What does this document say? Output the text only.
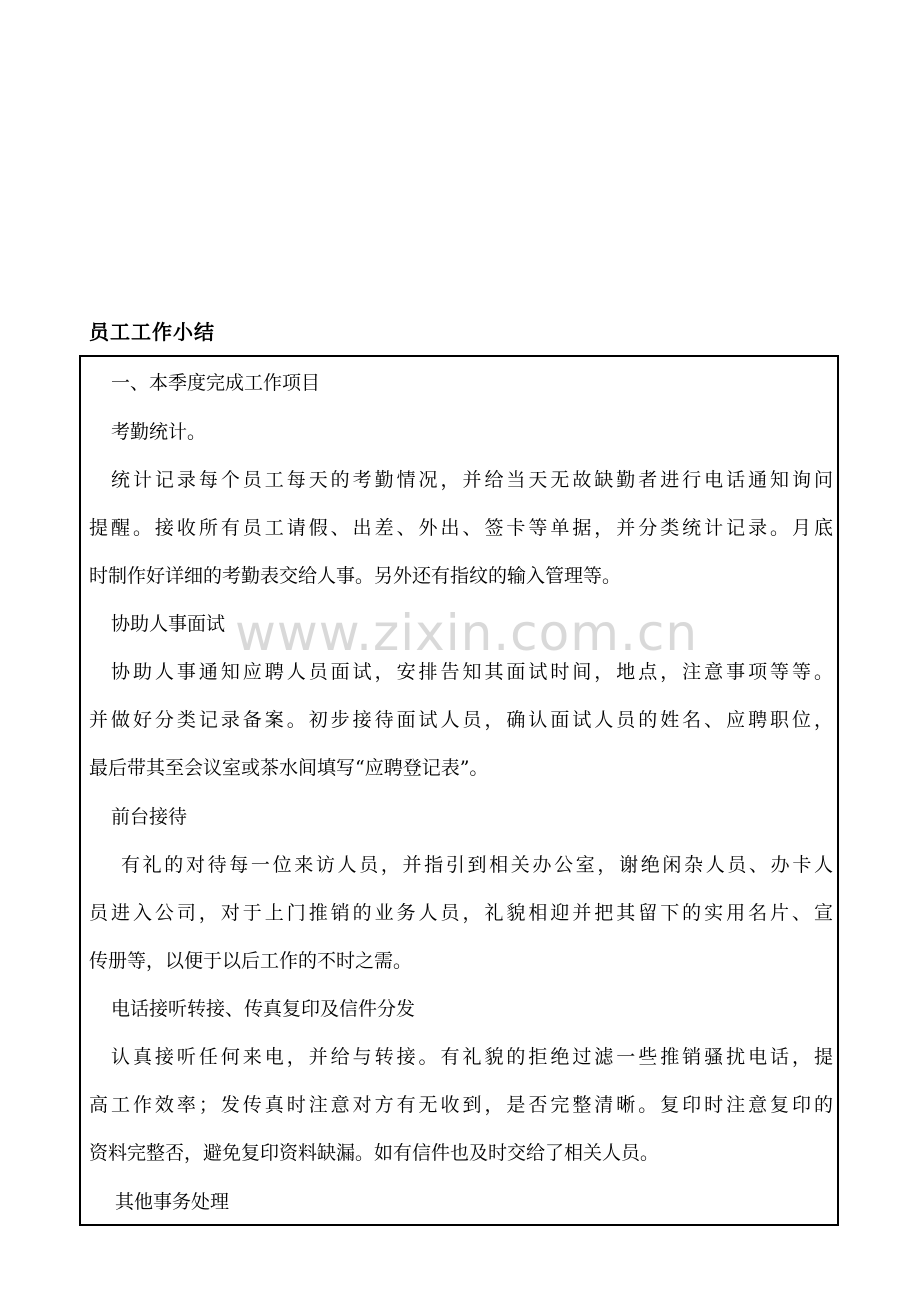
员工工作小结
一、本季度完成工作项目
考勤统计。
统计记录每个员工每天的考勤情况，并给当天无故缺勤者进行电话通知询问
提醒。接收所有员工请假、出差、外出、签卡等单据，并分类统计记录。月底
时制作好详细的考勤表交给人事。另外还有指纹的输入管理等。
协助人事面试
协助人事通知应聘人员面试，安排告知其面试时间，地点，注意事项等等。
并做好分类记录备案。初步接待面试人员，确认面试人员的姓名、应聘职位，
最后带其至会议室或茶水间填写“应聘登记表”。
前台接待
有礼的对待每一位来访人员，并指引到相关办公室，谢绝闲杂人员、办卡人
员进入公司，对于上门推销的业务人员，礼貌相迎并把其留下的实用名片、宣
传册等，以便于以后工作的不时之需。
电话接听转接、传真复印及信件分发
认真接听任何来电，并给与转接。有礼貌的拒绝过滤一些推销骚扰电话，提
高工作效率；发传真时注意对方有无收到，是否完整清晰。复印时注意复印的
资料完整否，避免复印资料缺漏。如有信件也及时交给了相关人员。
其他事务处理
www.zixin.com.cn
